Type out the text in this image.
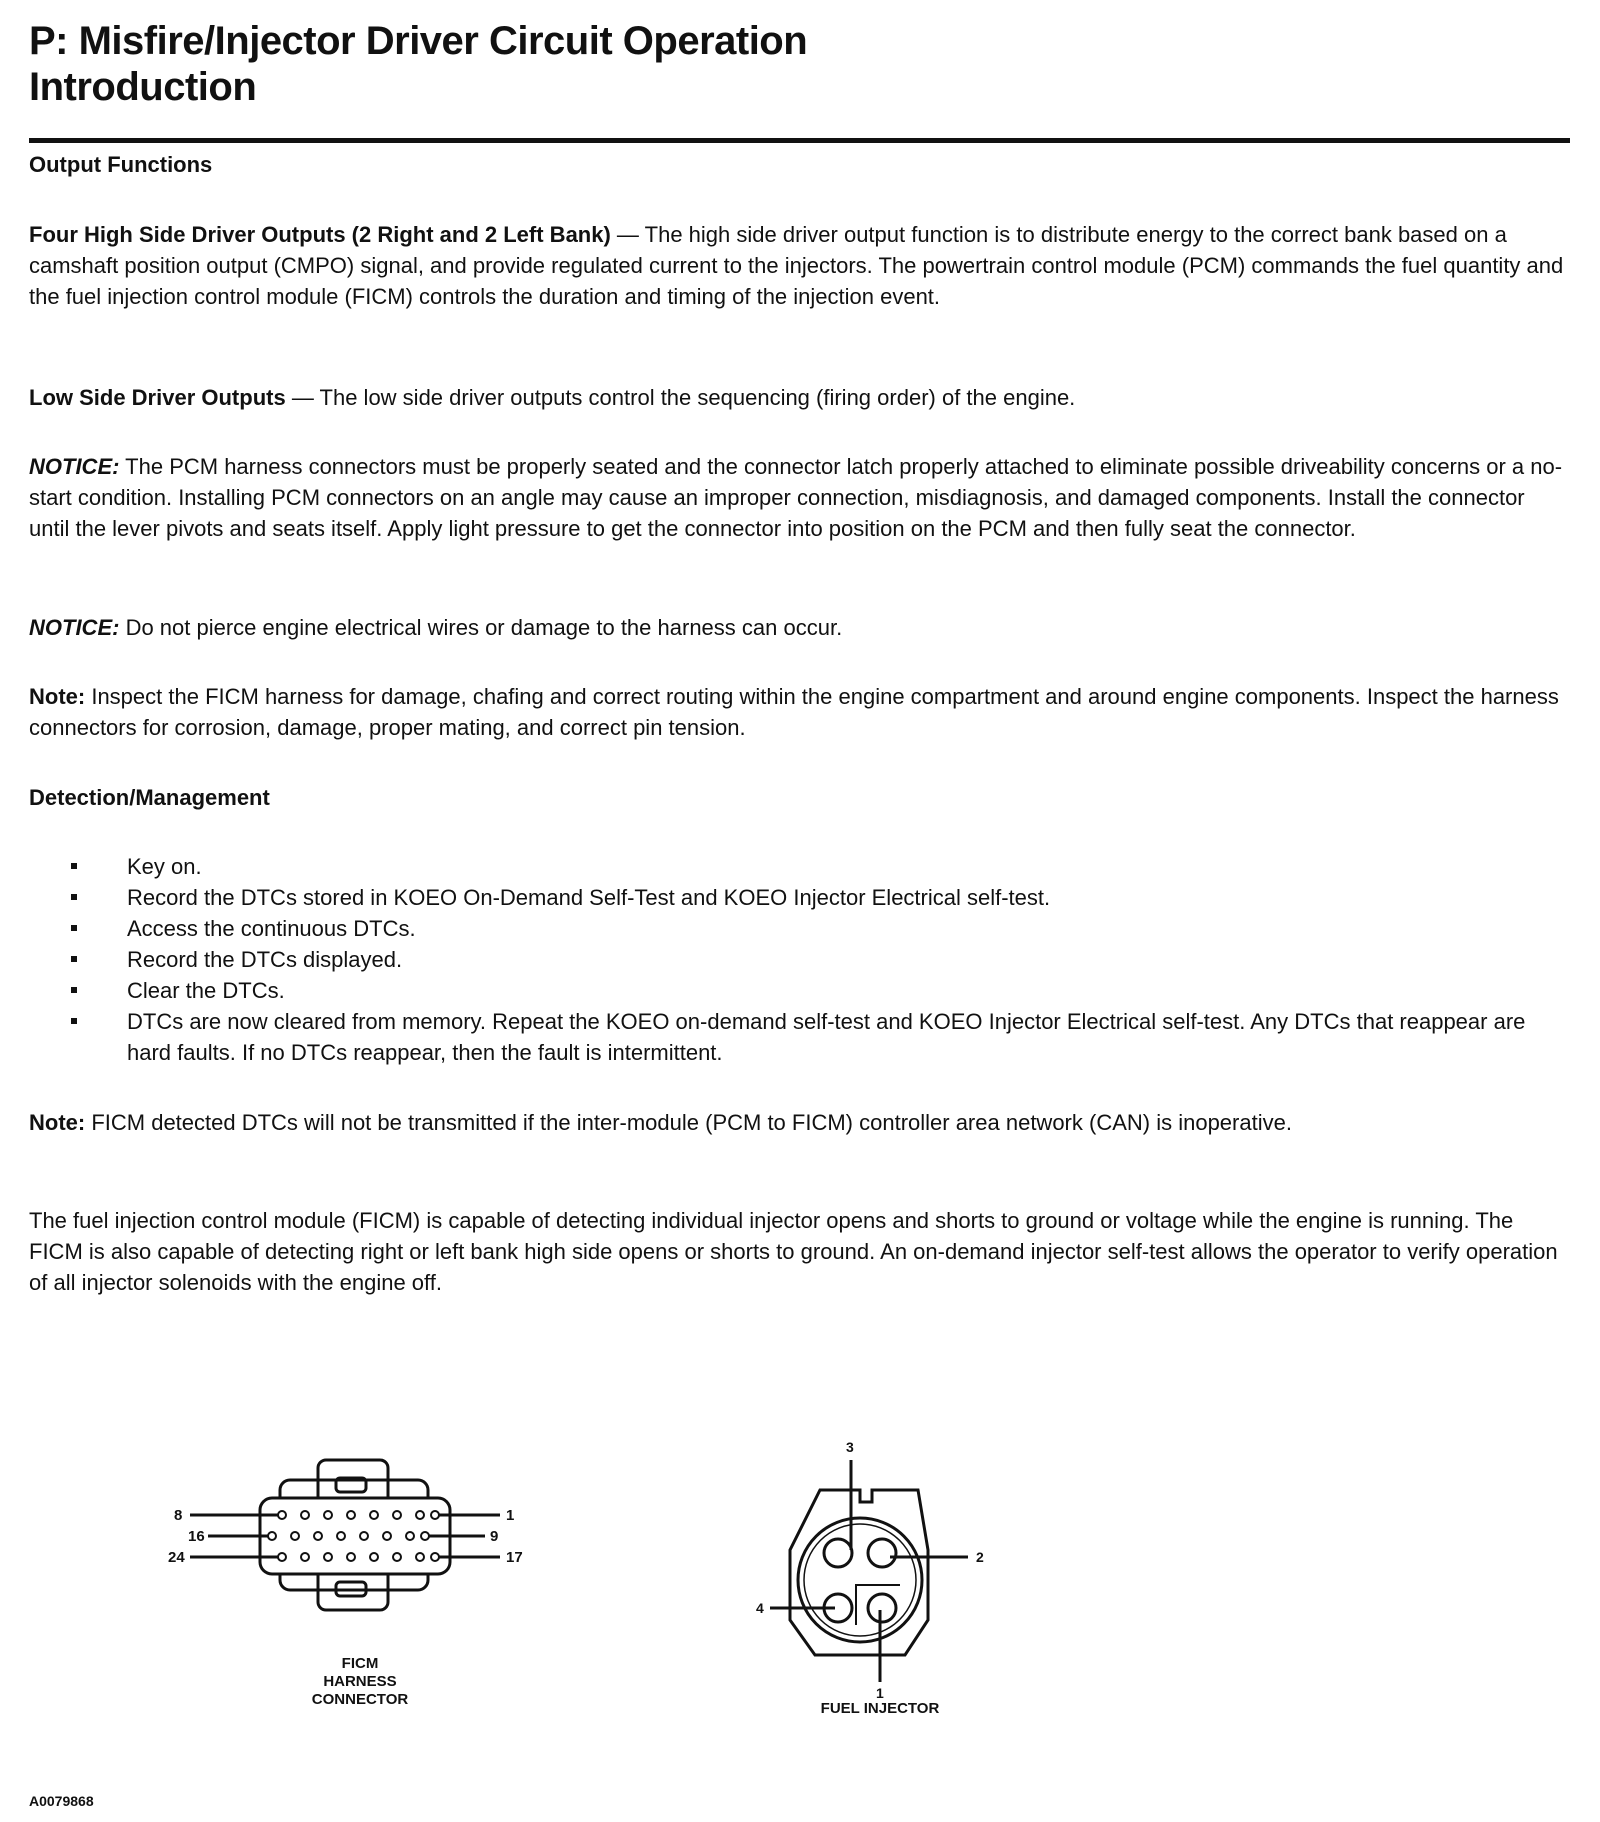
P: Misfire/Injector Driver Circuit Operation
Introduction
Output Functions

Four High Side Driver Outputs (2 Right and 2 Left Bank) — The high side driver output function is to distribute energy to the correct bank based on a camshaft position output (CMPO) signal, and provide regulated current to the injectors. The powertrain control module (PCM) commands the fuel quantity and the fuel injection control module (FICM) controls the duration and timing of the injection event.

Low Side Driver Outputs — The low side driver outputs control the sequencing (firing order) of the engine.

NOTICE: The PCM harness connectors must be properly seated and the connector latch properly attached to eliminate possible driveability concerns or a no-start condition. Installing PCM connectors on an angle may cause an improper connection, misdiagnosis, and damaged components. Install the connector until the lever pivots and seats itself. Apply light pressure to get the connector into position on the PCM and then fully seat the connector.

NOTICE: Do not pierce engine electrical wires or damage to the harness can occur.

Note: Inspect the FICM harness for damage, chafing and correct routing within the engine compartment and around engine components. Inspect the harness connectors for corrosion, damage, proper mating, and correct pin tension.

Detection/Management
Key on.
Record the DTCs stored in KOEO On-Demand Self-Test and KOEO Injector Electrical self-test.
Access the continuous DTCs.
Record the DTCs displayed.
Clear the DTCs.
DTCs are now cleared from memory. Repeat the KOEO on-demand self-test and KOEO Injector Electrical self-test. Any DTCs that reappear are hard faults. If no DTCs reappear, then the fault is intermittent.

Note: FICM detected DTCs will not be transmitted if the inter-module (PCM to FICM) controller area network (CAN) is inoperative.

The fuel injection control module (FICM) is capable of detecting individual injector opens and shorts to ground or voltage while the engine is running. The FICM is also capable of detecting right or left bank high side opens or shorts to ground. An on-demand injector self-test allows the operator to verify operation of all injector solenoids with the engine off.

8	1
16	9
24	17
FICM
HARNESS
CONNECTOR
3
2
4
1
FUEL INJECTOR
A0079868
